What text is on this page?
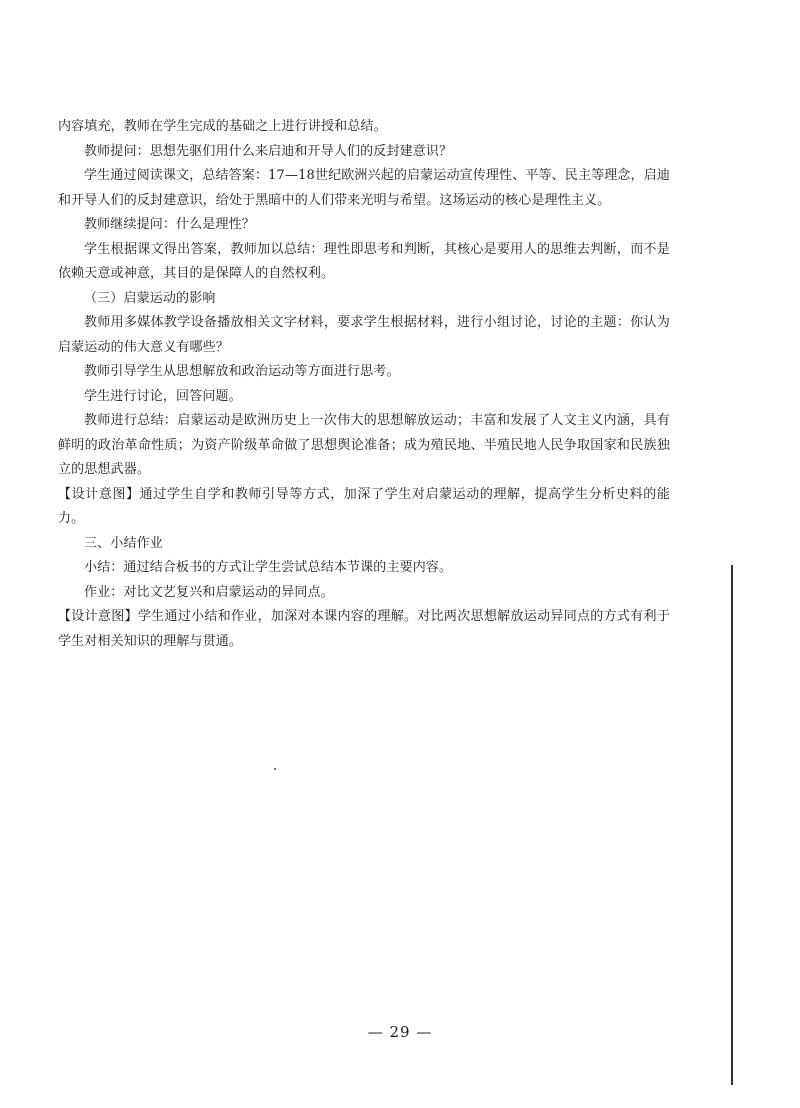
内容填充，教师在学生完成的基础之上进行讲授和总结。

教师提问：思想先驱们用什么来启迪和开导人们的反封建意识？

学生通过阅读课文，总结答案：17—18世纪欧洲兴起的启蒙运动宣传理性、平等、民主等理念，启迪和开导人们的反封建意识，给处于黑暗中的人们带来光明与希望。这场运动的核心是理性主义。

教师继续提问：什么是理性？

学生根据课文得出答案，教师加以总结：理性即思考和判断，其核心是要用人的思维去判断，而不是依赖天意或神意，其目的是保障人的自然权利。

（三）启蒙运动的影响

教师用多媒体教学设备播放相关文字材料，要求学生根据材料，进行小组讨论，讨论的主题：你认为启蒙运动的伟大意义有哪些？

教师引导学生从思想解放和政治运动等方面进行思考。

学生进行讨论，回答问题。

教师进行总结：启蒙运动是欧洲历史上一次伟大的思想解放运动；丰富和发展了人文主义内涵，具有鲜明的政治革命性质；为资产阶级革命做了思想舆论准备；成为殖民地、半殖民地人民争取国家和民族独立的思想武器。

【设计意图】通过学生自学和教师引导等方式，加深了学生对启蒙运动的理解，提高学生分析史料的能力。

三、小结作业

小结：通过结合板书的方式让学生尝试总结本节课的主要内容。

作业：对比文艺复兴和启蒙运动的异同点。

【设计意图】学生通过小结和作业，加深对本课内容的理解。对比两次思想解放运动异同点的方式有利于学生对相关知识的理解与贯通。

— 29 —
